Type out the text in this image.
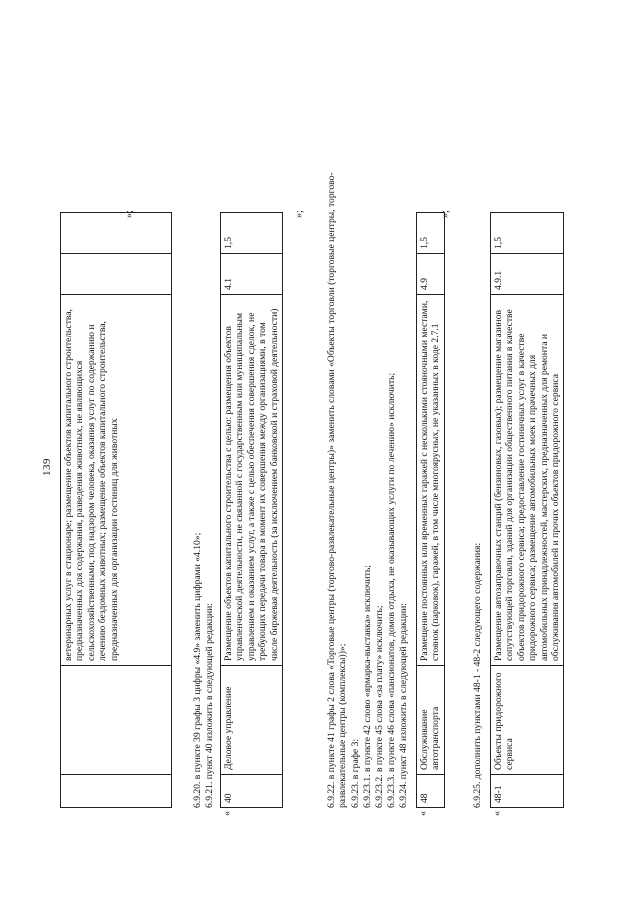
		ветеринарных услуг в стационаре; размещение объектов капитального строительства, предназначенных для содержания, разведения животных, не являющихся сельскохозяйственными, под надзором человека, оказания услуг по содержанию и лечению бездомных животных; размещение объектов капитального строительства, предназначенных для организации гостиниц для животных		
»;
6.9.20. в пункте 39 графы 3 цифры «4.9» заменить цифрами «4.10»; 6.9.21. пункт 40 изложить в следующей редакции:
«
40	Деловое управление	Размещение объектов капитального строительства с целью: размещения объектов управленческой деятельности, не связанной с государственным или муниципальным управлением и оказанием услуг, а также с целью обеспечения совершения сделок, не требующих передачи товара в момент их совершения между организациями, в том числе биржевая деятельность (за исключением банковской и страховой деятельности)	4.1	1,5
»; 6.9.22. в пункте 41 графы 2 слова «Торговые центры (торгово-развлекательные центры)» заменить словами «Объекты торговли (торговые центры, торгово-развлекательные центры (комплексы))»; 6.9.23. в графе 3: 6.9.23.1. в пункте 42 слово «ярмарка-выставка» исключить; 6.9.23.2. в пункте 45 слова «за плату» исключить; 6.9.23.3. в пункте 46 слова «пансионатов, домов отдыха, не оказывающих услуги по лечению» исключить; 6.9.24. пункт 48 изложить в следующей редакции:
«
48	Обслуживание автотранспорта	Размещение постоянных или временных гаражей с несколькими стояночными местами, стоянок (парковок), гаражей, в том числе многоярусных, не указанных в коде 2.7.1	4.9	1,5
»;
6.9.25. дополнить пунктами 48-1 - 48-2 следующего содержания:
«
48-1	Объекты придорожного сервиса	Размещение автозаправочных станций (бензиновых, газовых); размещение магазинов сопутствующей торговли, зданий для организации общественного питания в качестве объектов придорожного сервиса; предоставление гостиничных услуг в качестве придорожного сервиса; размещение автомобильных моек и прачечных для автомобильных принадлежностей, мастерских, предназначенных для ремонта и обслуживания автомобилей и прочих объектов придорожного сервиса	4.9.1	1,5
139
